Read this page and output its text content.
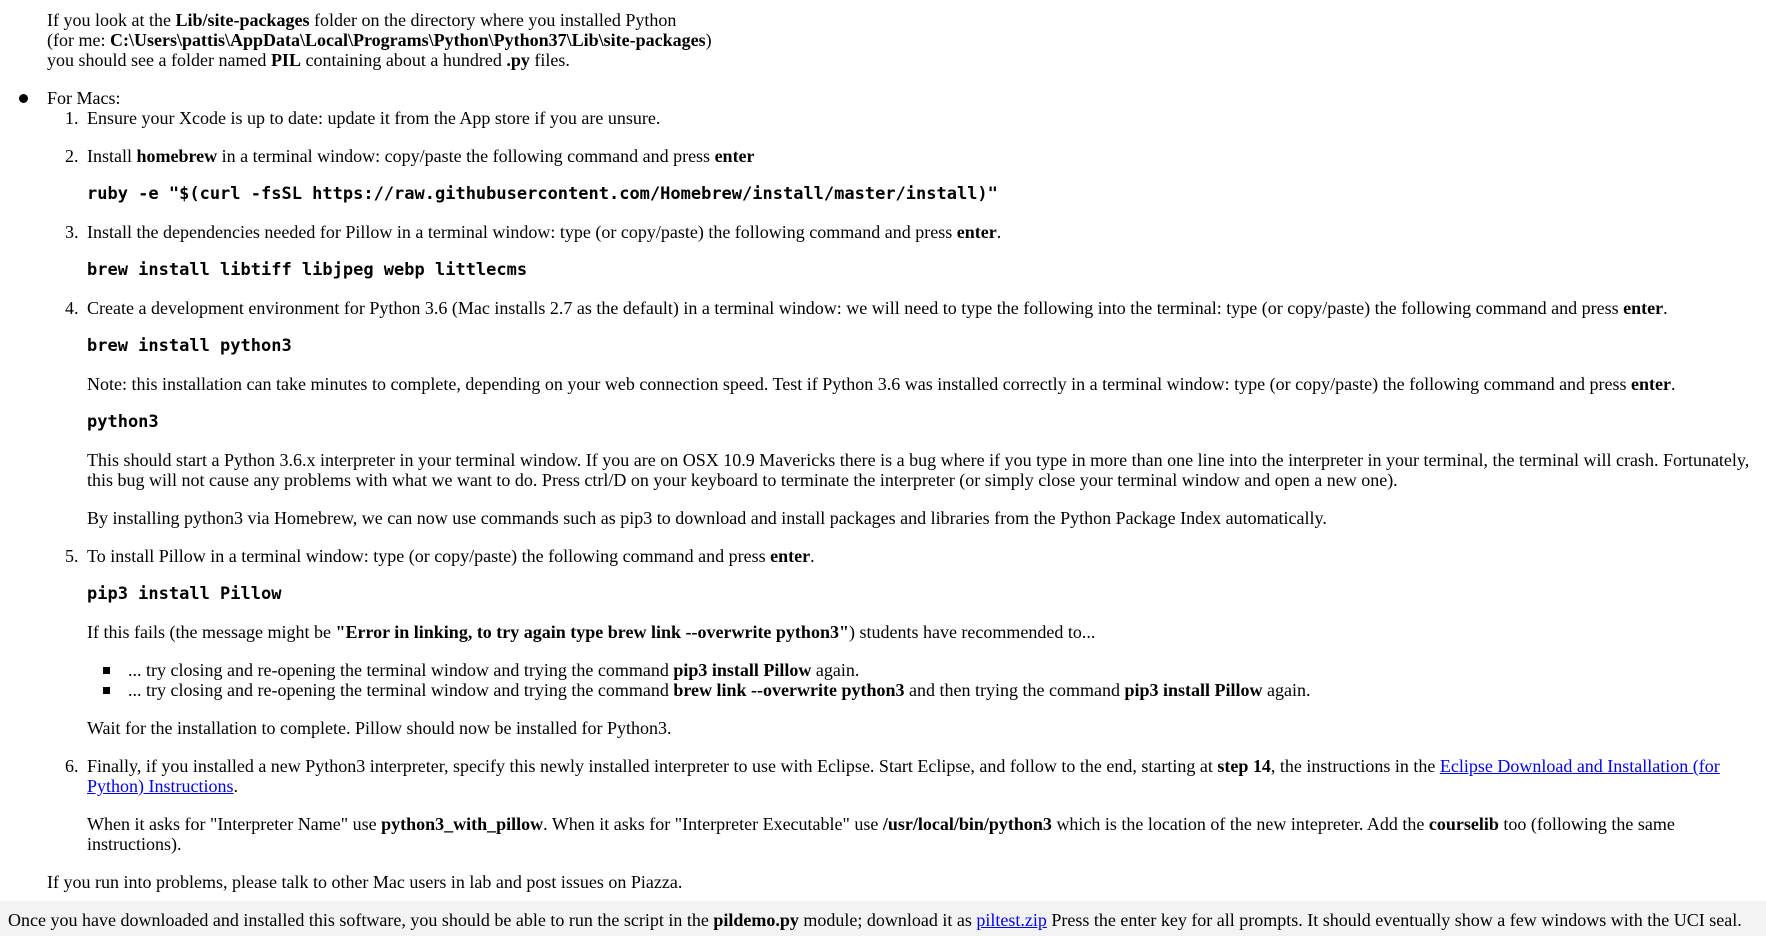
If you look at the Lib/site-packages folder on the directory where you installed Python

(for me: C:\Users\pattis\AppData\Local\Programs\Python\Python37\Lib\site-packages)

you should see a folder named PIL containing about a hundred .py files.

For Macs:
1. Ensure your Xcode is up to date: update it from the App store if you are unsure.
2. Install homebrew in a terminal window: copy/paste the following command and press enter
ruby -e "$(curl -fsSL https://raw.githubusercontent.com/Homebrew/install/master/install)"
3. Install the dependencies needed for Pillow in a terminal window: type (or copy/paste) the following command and press enter.
brew install libtiff libjpeg webp littlecms
4. Create a development environment for Python 3.6 (Mac installs 2.7 as the default) in a terminal window: we will need to type the following into the terminal: type (or copy/paste) the following command and press enter.
brew install python3
Note: this installation can take minutes to complete, depending on your web connection speed. Test if Python 3.6 was installed correctly in a terminal window: type (or copy/paste) the following command and press enter.
python3
This should start a Python 3.6.x interpreter in your terminal window. If you are on OSX 10.9 Mavericks there is a bug where if you type in more than one line into the interpreter in your terminal, the terminal will crash. Fortunately, this bug will not cause any problems with what we want to do. Press ctrl/D on your keyboard to terminate the interpreter (or simply close your terminal window and open a new one).
By installing python3 via Homebrew, we can now use commands such as pip3 to download and install packages and libraries from the Python Package Index automatically.
5. To install Pillow in a terminal window: type (or copy/paste) the following command and press enter.
pip3 install Pillow
If this fails (the message might be "Error in linking, to try again type brew link --overwrite python3") students have recommended to...
... try closing and re-opening the terminal window and trying the command pip3 install Pillow again.
... try closing and re-opening the terminal window and trying the command brew link --overwrite python3 and then trying the command pip3 install Pillow again.
Wait for the installation to complete. Pillow should now be installed for Python3.
6. Finally, if you installed a new Python3 interpreter, specify this newly installed interpreter to use with Eclipse. Start Eclipse, and follow to the end, starting at step 14, the instructions in the Eclipse Download and Installation (for Python) Instructions.
When it asks for "Interpreter Name" use python3_with_pillow. When it asks for "Interpreter Executable" use /usr/local/bin/python3 which is the location of the new intepreter. Add the courselib too (following the same instructions).
If you run into problems, please talk to other Mac users in lab and post issues on Piazza.
Once you have downloaded and installed this software, you should be able to run the script in the pildemo.py module; download it as piltest.zip Press the enter key for all prompts. It should eventually show a few windows with the UCI seal.
